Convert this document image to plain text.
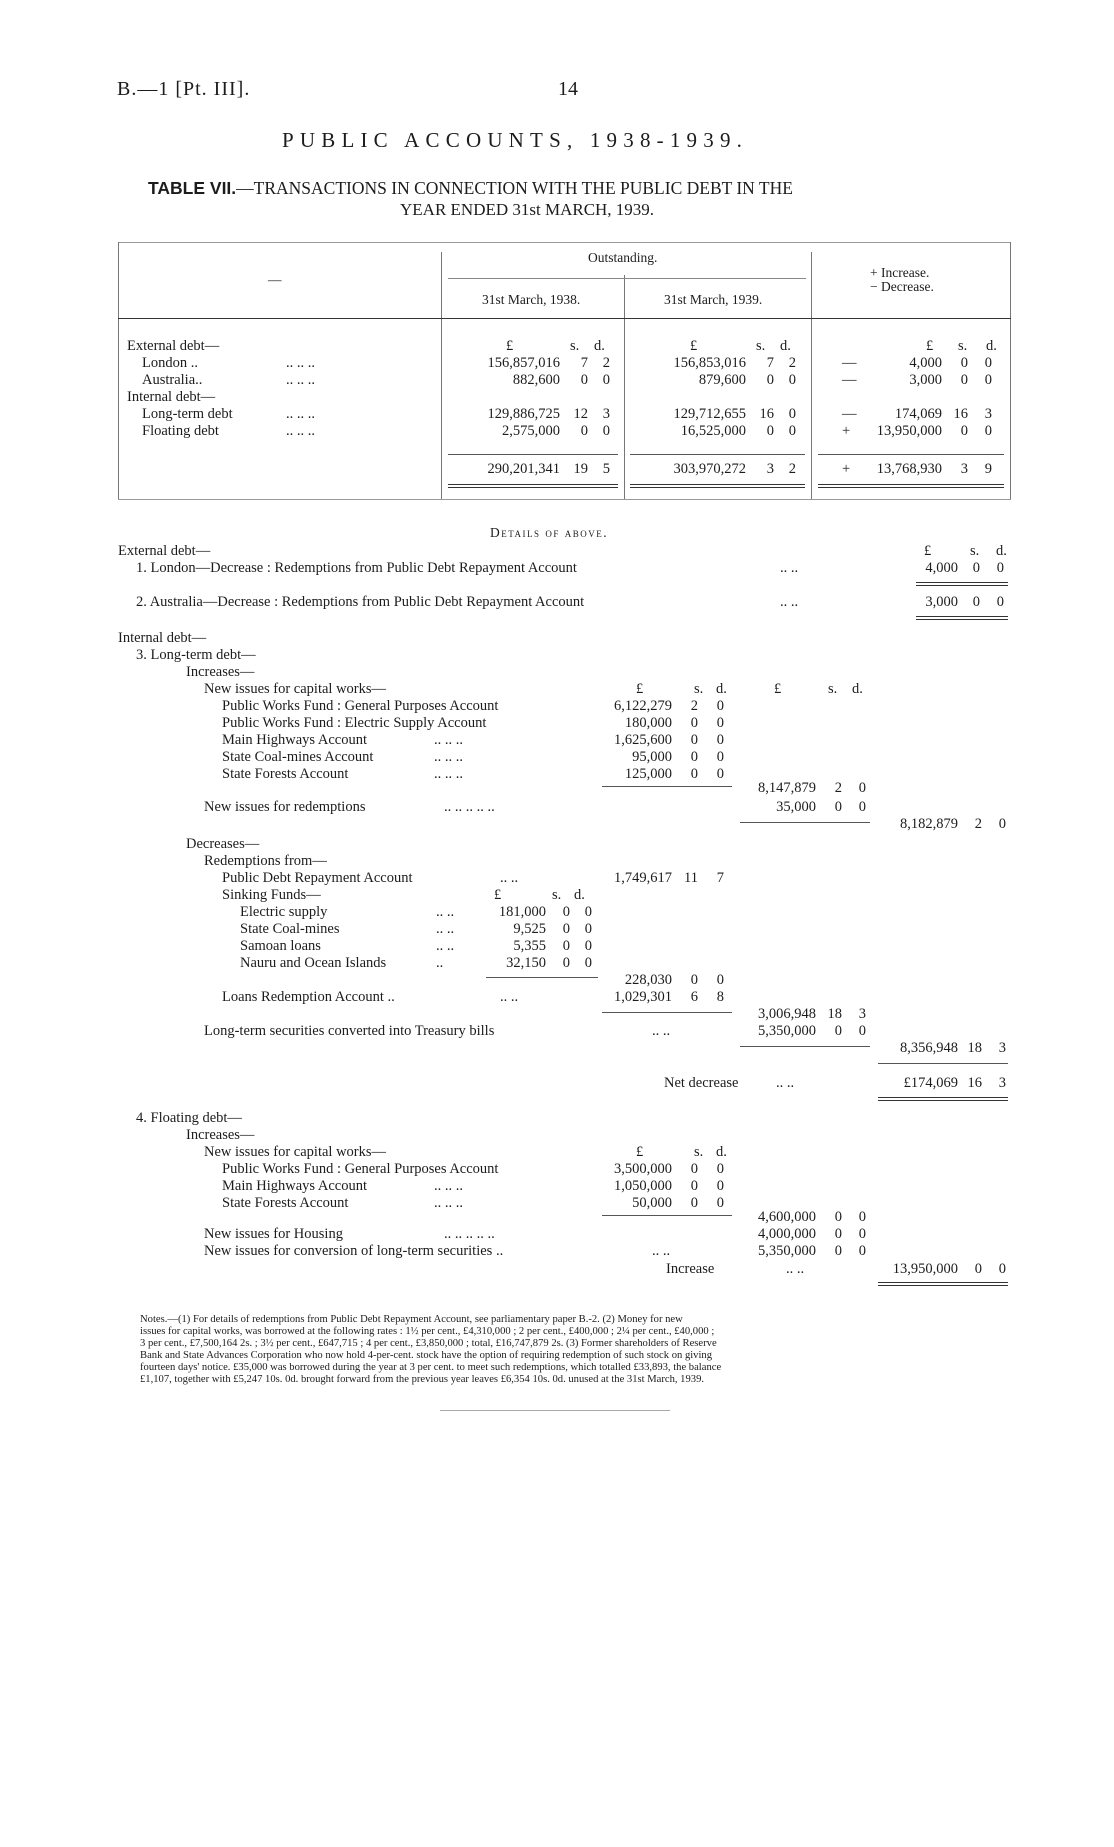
B.—1 [Pt. III].	14
PUBLIC ACCOUNTS, 1938-1939.
TABLE VII.—TRANSACTIONS IN CONNECTION WITH THE PUBLIC DEBT IN THE
YEAR ENDED 31st MARCH, 1939.
—
Outstanding.
31st March, 1938.	31st March, 1939.
+ Increase.
− Decrease.
£	s. d.	£	s. d.	£ s. d.
External debt—
London ..	.. .. ..	156,857,016	7	2	156,853,016	7	2	—	4,000	0	0
Australia..	.. .. ..	882,600	0	0	879,600	0	0	—	3,000	0	0
Internal debt—
Long-term debt	.. .. ..	129,886,725 12	3	129,712,655 16	0	—	174,069 16	3
Floating debt	.. .. ..	2,575,000	0	0	16,525,000	0	0	+	13,950,000	0	0
290,201,341 19	5	303,970,272	3	2	+	13,768,930	3	9
Details of above.
External debt—	£	s. d.
1. London—Decrease : Redemptions from Public Debt Repayment Account	.. ..	4,000	0	0
2. Australia—Decrease : Redemptions from Public Debt Repayment Account	.. ..	3,000	0	0
Internal debt—
3. Long-term debt—
Increases—
New issues for capital works—	£	s. d.	£	s. d.
Public Works Fund : General Purposes Account	6,122,279	2	0
Public Works Fund : Electric Supply Account	180,000	0	0
Main Highways Account	.. .. ..	1,625,600	0	0
State Coal-mines Account	.. .. ..	95,000	0	0
State Forests Account	.. .. ..	125,000	0	0
8,147,879	2	0
New issues for redemptions	.. .. .. .. ..	35,000	0	0
8,182,879	2	0
Decreases—
Redemptions from—
Public Debt Repayment Account	.. ..	1,749,617 11	7
Sinking Funds—	£	s. d.
Electric supply	.. ..	181,000	0	0
State Coal-mines	.. ..	9,525	0	0
Samoan loans	.. ..	5,355	0	0
Nauru and Ocean Islands	..	32,150	0	0
228,030	0	0
Loans Redemption Account ..	.. ..	1,029,301	6	8
3,006,948 18	3
Long-term securities converted into Treasury bills	.. ..	5,350,000	0	0
8,356,948 18	3
Net decrease	.. ..	£174,069 16	3
4. Floating debt—
Increases—
New issues for capital works—	£	s. d.
Public Works Fund : General Purposes Account	3,500,000	0	0
Main Highways Account	.. .. ..	1,050,000	0	0
State Forests Account	.. .. ..	50,000	0	0
4,600,000	0	0
New issues for Housing	.. .. .. .. ..	4,000,000	0	0
New issues for conversion of long-term securities ..	.. ..	5,350,000	0	0
Increase	.. ..	13,950,000	0	0
Notes.—(1) For details of redemptions from Public Debt Repayment Account, see parliamentary paper B.-2. (2) Money for new
issues for capital works, was borrowed at the following rates : 1½ per cent., £4,310,000 ; 2 per cent., £400,000 ; 2¼ per cent., £40,000 ;
3 per cent., £7,500,164 2s. ; 3½ per cent., £647,715 ; 4 per cent., £3,850,000 ; total, £16,747,879 2s. (3) Former shareholders of Reserve
Bank and State Advances Corporation who now hold 4-per-cent. stock have the option of requiring redemption of such stock on giving
fourteen days' notice. £35,000 was borrowed during the year at 3 per cent. to meet such redemptions, which totalled £33,893, the balance
£1,107, together with £5,247 10s. 0d. brought forward from the previous year leaves £6,354 10s. 0d. unused at the 31st March, 1939.
